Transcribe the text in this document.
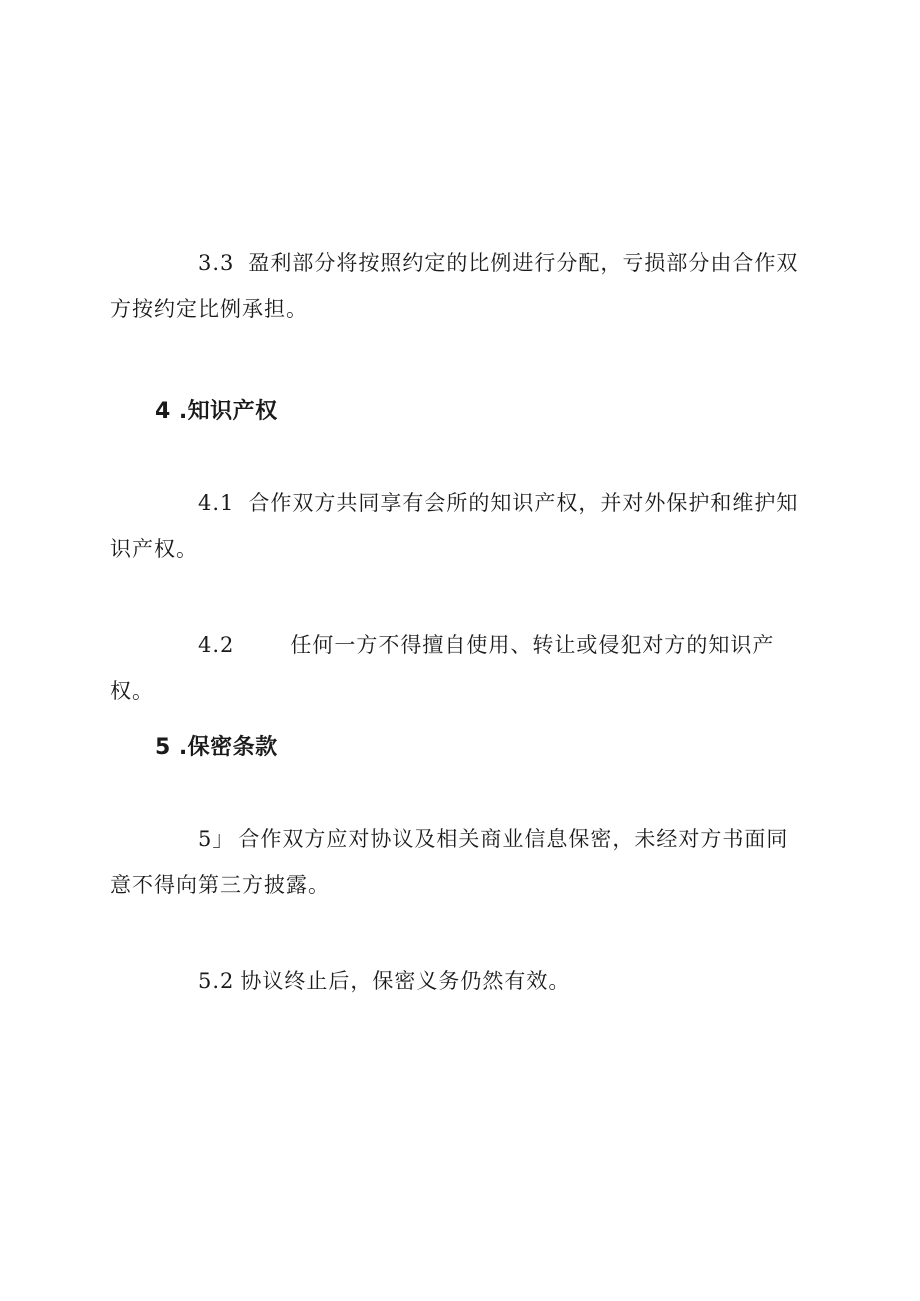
3.3 盈利部分将按照约定的比例进行分配，亏损部分由合作双方按约定比例承担。

4 .知识产权

4.1 合作双方共同享有会所的知识产权，并对外保护和维护知识产权。

4.2	任何一方不得擅自使用、转让或侵犯对方的知识产权。

5 .保密条款

5」 合作双方应对协议及相关商业信息保密，未经对方书面同意不得向第三方披露。

5.2 协议终止后，保密义务仍然有效。
